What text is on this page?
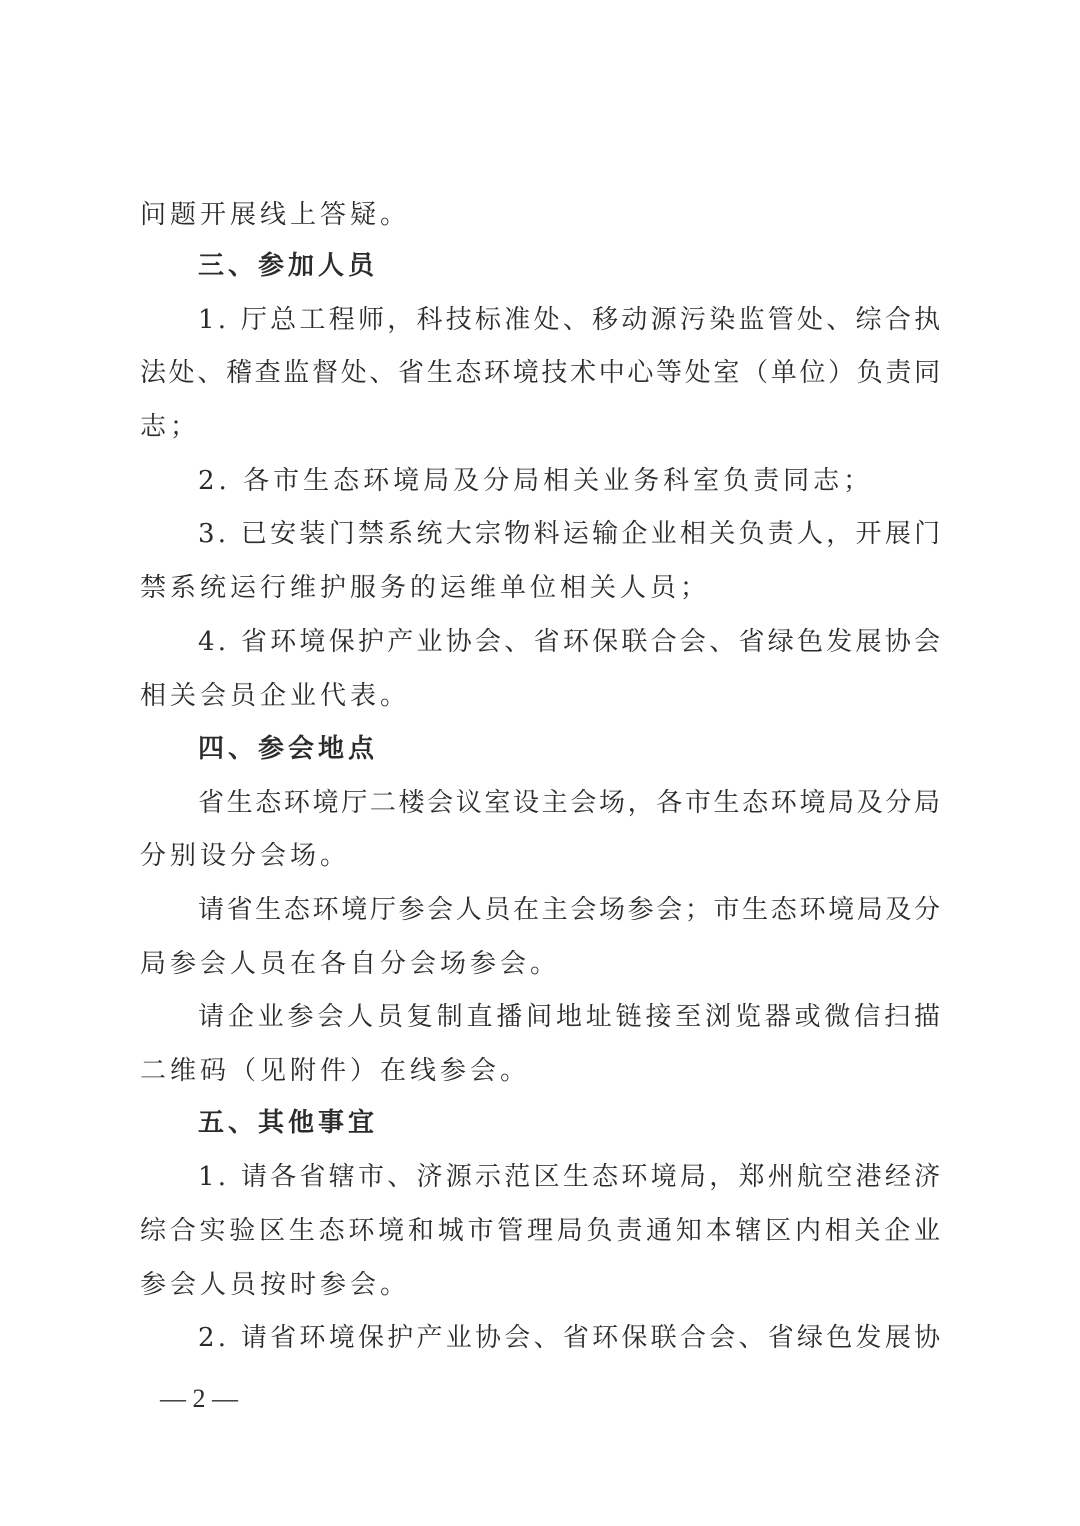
问题开展线上答疑。
三、参加人员
1. 厅总工程师，科技标准处、移动源污染监管处、综合执
法处、稽查监督处、省生态环境技术中心等处室（单位）负责同
志；
2. 各市生态环境局及分局相关业务科室负责同志；
3. 已安装门禁系统大宗物料运输企业相关负责人，开展门
禁系统运行维护服务的运维单位相关人员；
4. 省环境保护产业协会、省环保联合会、省绿色发展协会
相关会员企业代表。
四、参会地点
省生态环境厅二楼会议室设主会场，各市生态环境局及分局
分别设分会场。
请省生态环境厅参会人员在主会场参会；市生态环境局及分
局参会人员在各自分会场参会。
请企业参会人员复制直播间地址链接至浏览器或微信扫描
二维码（见附件）在线参会。
五、其他事宜
1. 请各省辖市、济源示范区生态环境局，郑州航空港经济
综合实验区生态环境和城市管理局负责通知本辖区内相关企业
参会人员按时参会。
2. 请省环境保护产业协会、省环保联合会、省绿色发展协
— 2 —
